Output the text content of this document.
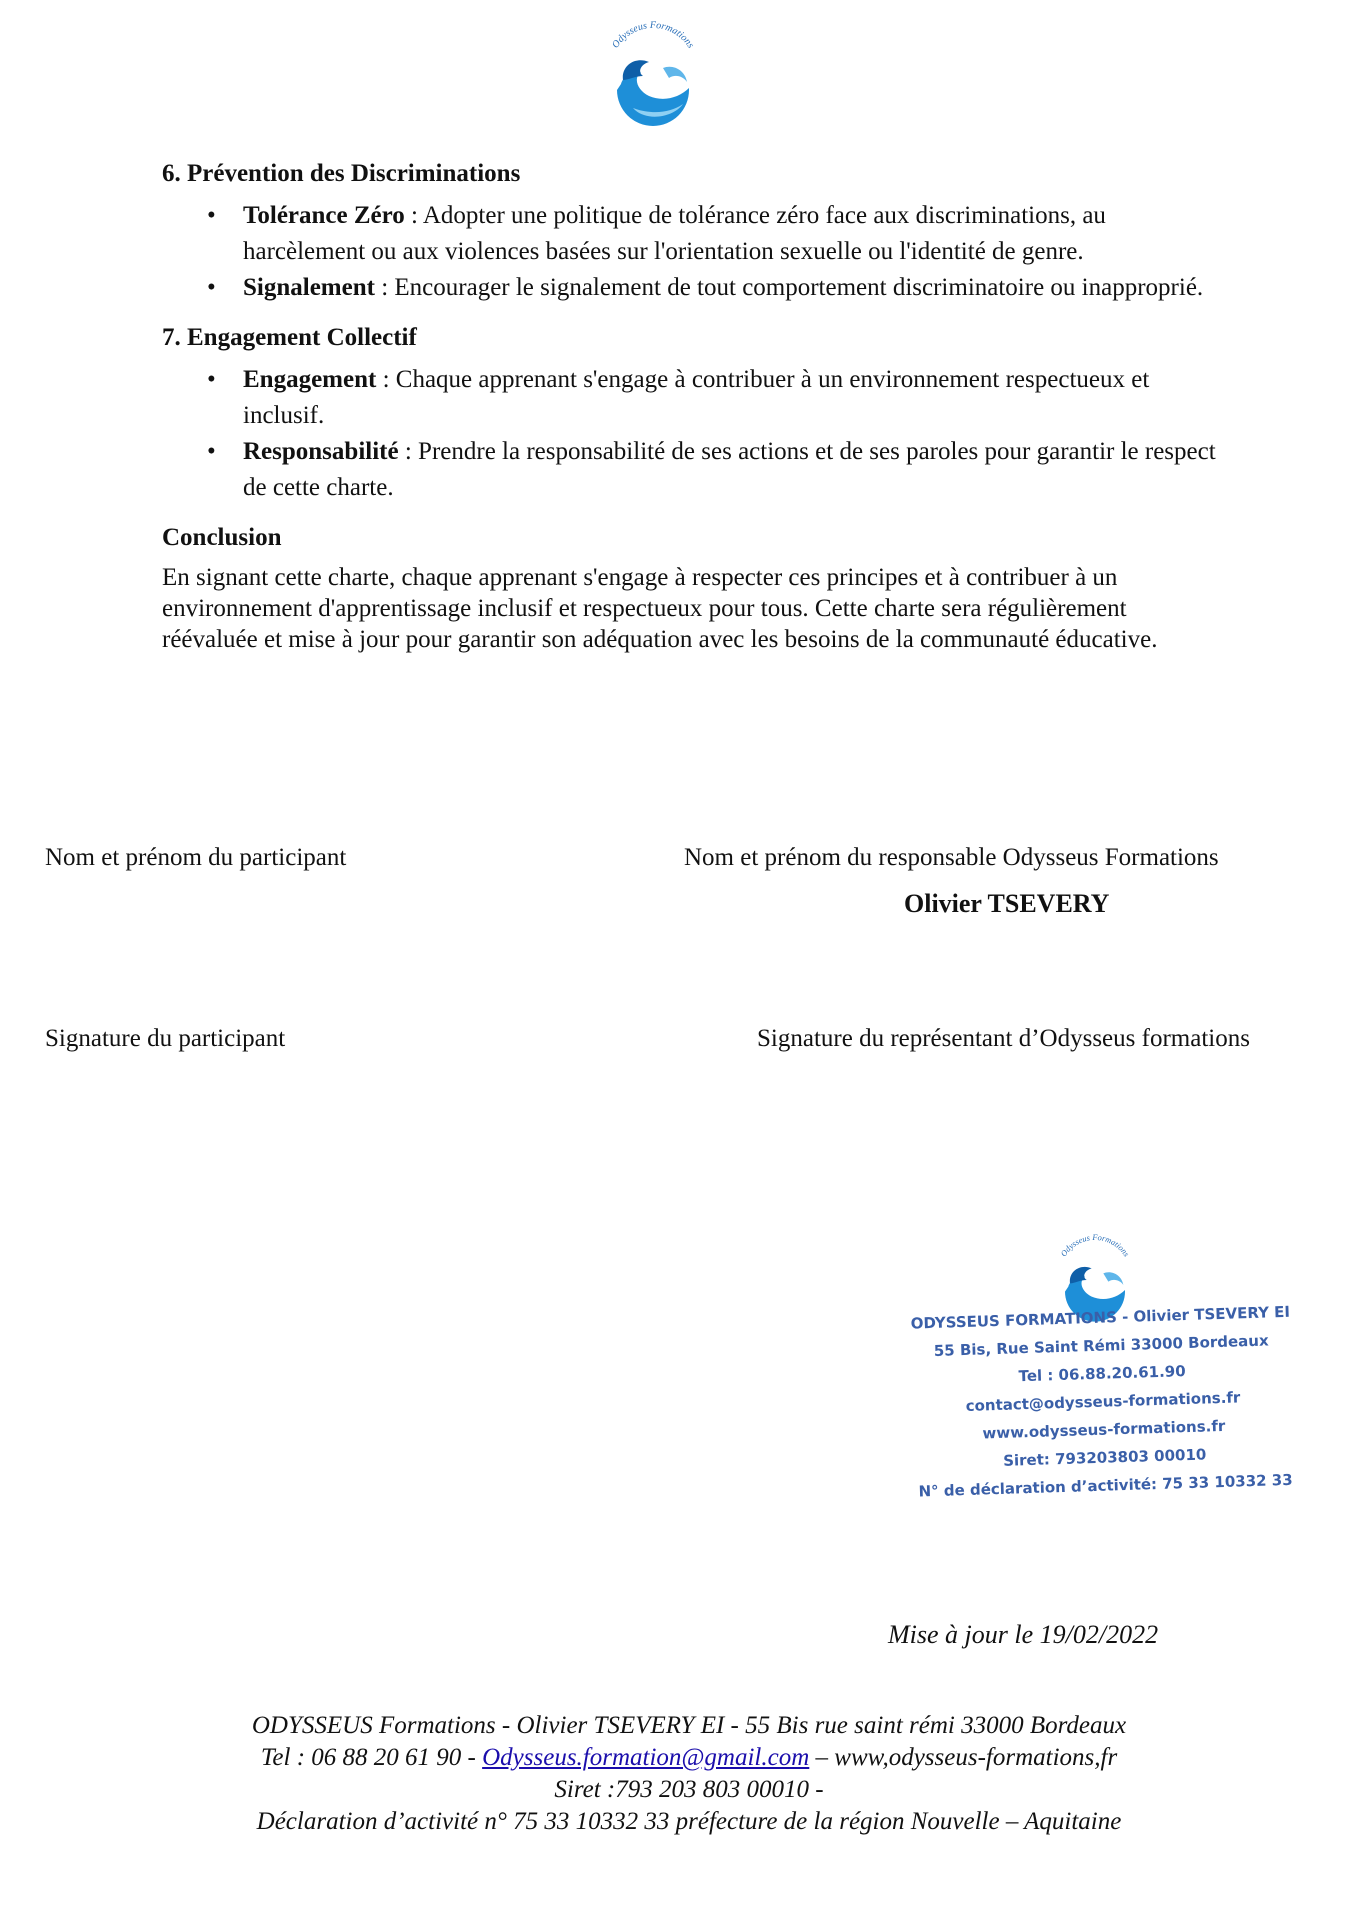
Odysseus Formations

6. Prévention des Discriminations

• Tolérance Zéro : Adopter une politique de tolérance zéro face aux discriminations, au harcèlement ou aux violences basées sur l'orientation sexuelle ou l'identité de genre.
• Signalement : Encourager le signalement de tout comportement discriminatoire ou inapproprié.

7. Engagement Collectif

• Engagement : Chaque apprenant s'engage à contribuer à un environnement respectueux et inclusif.
• Responsabilité : Prendre la responsabilité de ses actions et de ses paroles pour garantir le respect de cette charte.

Conclusion

En signant cette charte, chaque apprenant s'engage à respecter ces principes et à contribuer à un environnement d'apprentissage inclusif et respectueux pour tous. Cette charte sera régulièrement réévaluée et mise à jour pour garantir son adéquation avec les besoins de la communauté éducative.

Nom et prénom du participant	Nom et prénom du responsable Odysseus Formations
Olivier TSEVERY
Signature du participant	Signature du représentant d’Odysseus formations
Odysseus Formations
ODYSSEUS FORMATIONS - Olivier TSEVERY EI
55 Bis, Rue Saint Rémi 33000 Bordeaux
Tel : 06.88.20.61.90
contact@odysseus-formations.fr
www.odysseus-formations.fr
Siret: 793203803 00010
N° de déclaration d’activité: 75 33 10332 33
Mise à jour le 19/02/2022
ODYSSEUS Formations - Olivier TSEVERY EI - 55 Bis rue saint rémi 33000 Bordeaux
Tel : 06 88 20 61 90 - Odysseus.formation@gmail.com – www,odysseus-formations,fr
Siret :793 203 803 00010 -
Déclaration d’activité n° 75 33 10332 33 préfecture de la région Nouvelle – Aquitaine
